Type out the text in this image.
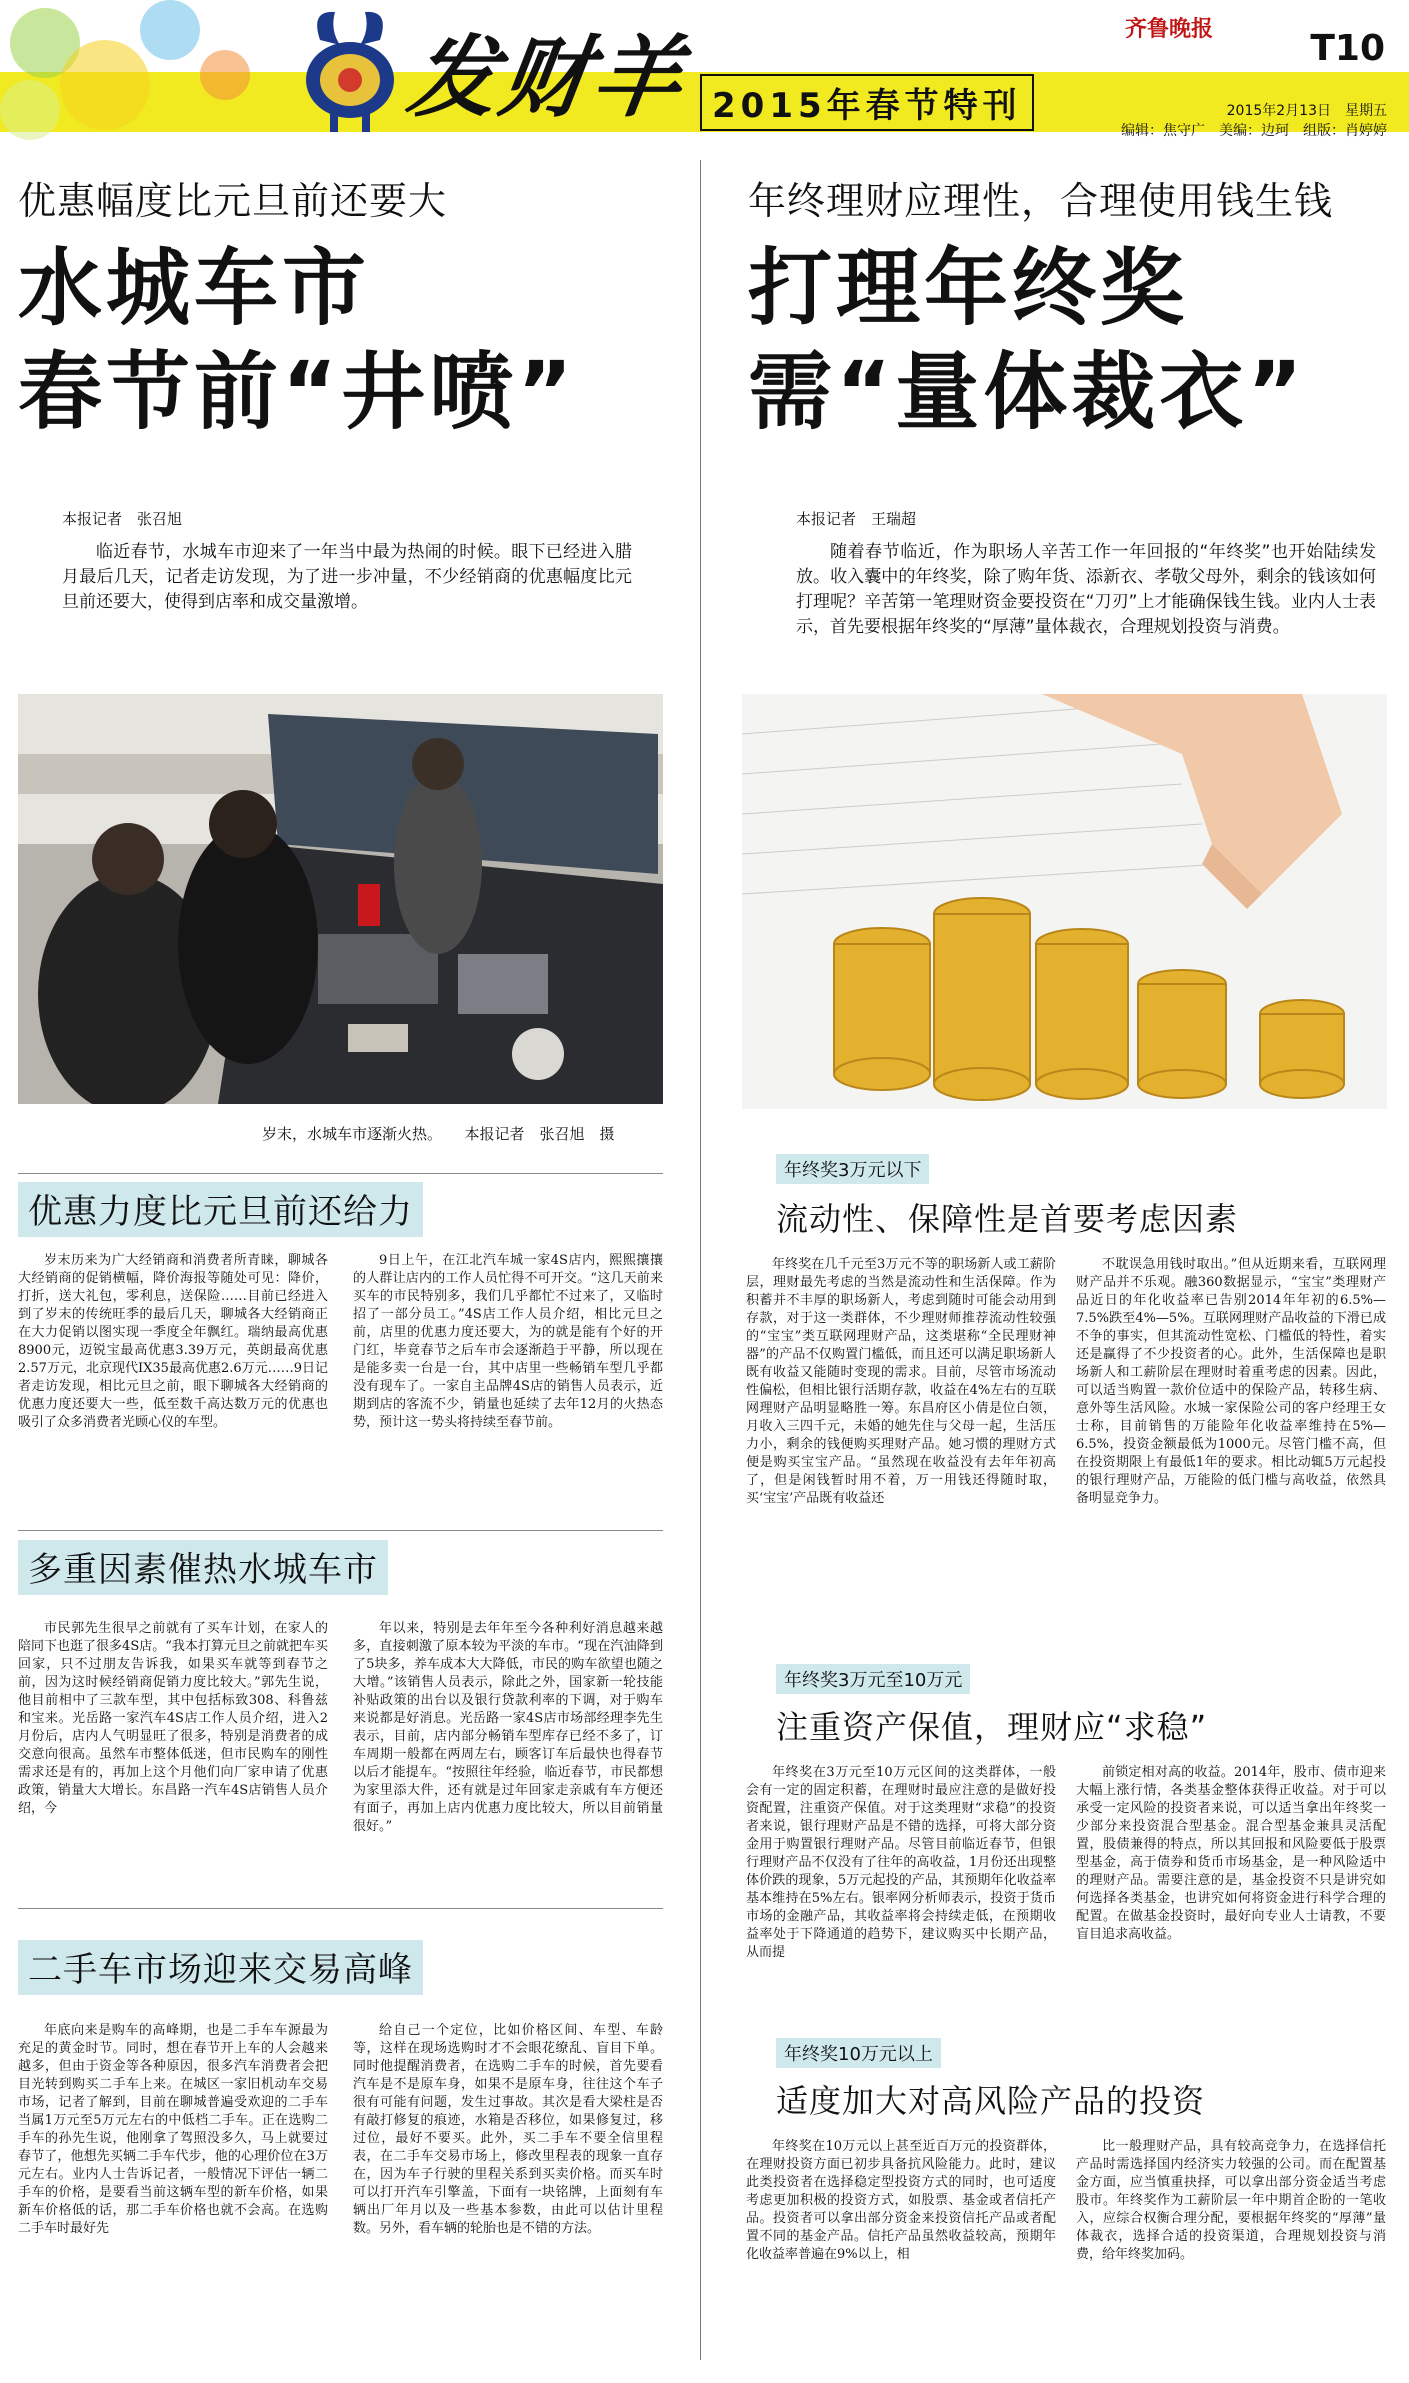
发财羊 2015年春节特刊
齐鲁晚报	T10
2015年2月13日　星期五
编辑：焦守广　美编：边珂　组版：肖婷婷
优惠幅度比元旦前还要大
水城车市
春节前“井喷”
本报记者　张召旭
临近春节，水城车市迎来了一年当中最为热闹的时候。眼下已经进入腊月最后几天，记者走访发现，为了进一步冲量，不少经销商的优惠幅度比元旦前还要大，使得到店率和成交量激增。
岁末，水城车市逐渐火热。　　本报记者　张召旭　摄
优惠力度比元旦前还给力
岁末历来为广大经销商和消费者所青睐，聊城各大经销商的促销横幅，降价海报等随处可见：降价，打折，送大礼包，零利息，送保险……目前已经进入到了岁末的传统旺季的最后几天，聊城各大经销商正在大力促销以图实现一季度全年飘红。瑞纳最高优惠8900元，迈锐宝最高优惠3.39万元，英朗最高优惠2.57万元，北京现代IX35最高优惠2.6万元……9日记者走访发现，相比元旦之前，眼下聊城各大经销商的优惠力度还要大一些，低至数千高达数万元的优惠也吸引了众多消费者光顾心仪的车型。
9日上午，在江北汽车城一家4S店内，熙熙攘攘的人群让店内的工作人员忙得不可开交。“这几天前来买车的市民特别多，我们几乎都忙不过来了，又临时招了一部分员工。”4S店工作人员介绍，相比元旦之前，店里的优惠力度还要大，为的就是能有个好的开门红，毕竟春节之后车市会逐渐趋于平静，所以现在是能多卖一台是一台，其中店里一些畅销车型几乎都没有现车了。一家自主品牌4S店的销售人员表示，近期到店的客流不少，销量也延续了去年12月的火热态势，预计这一势头将持续至春节前。
多重因素催热水城车市
市民郭先生很早之前就有了买车计划，在家人的陪同下也逛了很多4S店。“我本打算元旦之前就把车买回家，只不过朋友告诉我，如果买车就等到春节之前，因为这时候经销商促销力度比较大。”郭先生说，他目前相中了三款车型，其中包括标致308、科鲁兹和宝来。光岳路一家汽车4S店工作人员介绍，进入2月份后，店内人气明显旺了很多，特别是消费者的成交意向很高。虽然车市整体低迷，但市民购车的刚性需求还是有的，再加上这个月他们向厂家申请了优惠政策，销量大大增长。东昌路一汽车4S店销售人员介绍，今
年以来，特别是去年年至今各种利好消息越来越多，直接刺激了原本较为平淡的车市。“现在汽油降到了5块多，养车成本大大降低，市民的购车欲望也随之大增。”该销售人员表示，除此之外，国家新一轮技能补贴政策的出台以及银行贷款利率的下调，对于购车来说都是好消息。光岳路一家4S店市场部经理李先生表示，目前，店内部分畅销车型库存已经不多了，订车周期一般都在两周左右，顾客订车后最快也得春节以后才能提车。“按照往年经验，临近春节，市民都想为家里添大件，还有就是过年回家走亲戚有车方便还有面子，再加上店内优惠力度比较大，所以目前销量很好。”
二手车市场迎来交易高峰
年底向来是购车的高峰期，也是二手车车源最为充足的黄金时节。同时，想在春节开上车的人会越来越多，但由于资金等各种原因，很多汽车消费者会把目光转到购买二手车上来。在城区一家旧机动车交易市场，记者了解到，目前在聊城普遍受欢迎的二手车当属1万元至5万元左右的中低档二手车。正在选购二手车的孙先生说，他刚拿了驾照没多久，马上就要过春节了，他想先买辆二手车代步，他的心理价位在3万元左右。业内人士告诉记者，一般情况下评估一辆二手车的价格，是要看当前这辆车型的新车价格，如果新车价格低的话，那二手车价格也就不会高。在选购二手车时最好先
给自己一个定位，比如价格区间、车型、车龄等，这样在现场选购时才不会眼花缭乱、盲目下单。同时他提醒消费者，在选购二手车的时候，首先要看汽车是不是原车身，如果不是原车身，往往这个车子很有可能有问题，发生过事故。其次是看大梁柱是否有敲打修复的痕迹，水箱是否移位，如果修复过，移过位，最好不要买。此外，买二手车不要全信里程表，在二手车交易市场上，修改里程表的现象一直存在，因为车子行驶的里程关系到买卖价格。而买车时可以打开汽车引擎盖，下面有一块铭牌，上面刻有车辆出厂年月以及一些基本参数，由此可以估计里程数。另外，看车辆的轮胎也是不错的方法。
年终理财应理性，合理使用钱生钱
打理年终奖
需“量体裁衣”
本报记者　王瑞超
随着春节临近，作为职场人辛苦工作一年回报的“年终奖”也开始陆续发放。收入囊中的年终奖，除了购年货、添新衣、孝敬父母外，剩余的钱该如何打理呢？辛苦第一笔理财资金要投资在“刀刃”上才能确保钱生钱。业内人士表示，首先要根据年终奖的“厚薄”量体裁衣，合理规划投资与消费。
年终奖3万元以下
流动性、保障性是首要考虑因素
年终奖在几千元至3万元不等的职场新人或工薪阶层，理财最先考虑的当然是流动性和生活保障。作为积蓄并不丰厚的职场新人，考虑到随时可能会动用到存款，对于这一类群体，不少理财师推荐流动性较强的“宝宝”类互联网理财产品，这类堪称“全民理财神器”的产品不仅购置门槛低，而且还可以满足职场新人既有收益又能随时变现的需求。目前，尽管市场流动性偏松，但相比银行活期存款，收益在4%左右的互联网理财产品明显略胜一筹。东昌府区小倩是位白领，月收入三四千元，未婚的她先住与父母一起，生活压力小，剩余的钱便购买理财产品。她习惯的理财方式便是购买宝宝产品。“虽然现在收益没有去年年初高了，但是闲钱暂时用不着，万一用钱还得随时取，买‘宝宝’产品既有收益还
不耽误急用钱时取出。”但从近期来看，互联网理财产品并不乐观。融360数据显示，“宝宝”类理财产品近日的年化收益率已告别2014年年初的6.5%—7.5%跌至4%—5%。互联网理财产品收益的下滑已成不争的事实，但其流动性宽松、门槛低的特性，着实还是赢得了不少投资者的心。此外，生活保障也是职场新人和工薪阶层在理财时着重考虑的因素。因此，可以适当购置一款价位适中的保险产品，转移生病、意外等生活风险。水城一家保险公司的客户经理王女士称，目前销售的万能险年化收益率维持在5%—6.5%，投资金额最低为1000元。尽管门槛不高，但在投资期限上有最低1年的要求。相比动辄5万元起投的银行理财产品，万能险的低门槛与高收益，依然具备明显竞争力。
年终奖3万元至10万元
注重资产保值，理财应“求稳”
年终奖在3万元至10万元区间的这类群体，一般会有一定的固定积蓄，在理财时最应注意的是做好投资配置，注重资产保值。对于这类理财“求稳”的投资者来说，银行理财产品是不错的选择，可将大部分资金用于购置银行理财产品。尽管目前临近春节，但银行理财产品不仅没有了往年的高收益，1月份还出现整体价跌的现象，5万元起投的产品，其预期年化收益率基本维持在5%左右。银率网分析师表示，投资于货币市场的金融产品，其收益率将会持续走低，在预期收益率处于下降通道的趋势下，建议购买中长期产品，从而提
前锁定相对高的收益。2014年，股市、债市迎来大幅上涨行情，各类基金整体获得正收益。对于可以承受一定风险的投资者来说，可以适当拿出年终奖一少部分来投资混合型基金。混合型基金兼具灵活配置，股债兼得的特点，所以其回报和风险要低于股票型基金，高于债券和货币市场基金，是一种风险适中的理财产品。需要注意的是，基金投资不只是讲究如何选择各类基金，也讲究如何将资金进行科学合理的配置。在做基金投资时，最好向专业人士请教，不要盲目追求高收益。
年终奖10万元以上
适度加大对高风险产品的投资
年终奖在10万元以上甚至近百万元的投资群体，在理财投资方面已初步具备抗风险能力。此时，建议此类投资者在选择稳定型投资方式的同时，也可适度考虑更加积极的投资方式，如股票、基金或者信托产品。投资者可以拿出部分资金来投资信托产品或者配置不同的基金产品。信托产品虽然收益较高，预期年化收益率普遍在9%以上，相
比一般理财产品，具有较高竞争力，在选择信托产品时需选择国内经济实力较强的公司。而在配置基金方面，应当慎重抉择，可以拿出部分资金适当考虑股市。年终奖作为工薪阶层一年中期首企盼的一笔收入，应综合权衡合理分配，要根据年终奖的“厚薄”量体裁衣，选择合适的投资渠道，合理规划投资与消费，给年终奖加码。
